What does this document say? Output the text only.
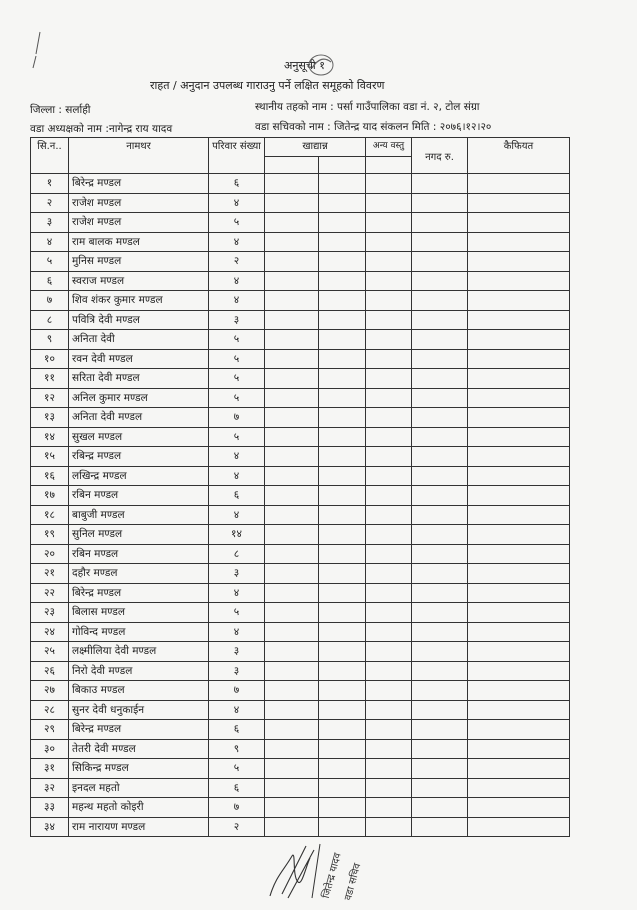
अनुसूची १
राहत / अनुदान उपलब्ध गाराउनु पर्ने लक्षित समूहको विवरण
जिल्ला : सर्लाही	स्थानीय तहको नाम : पर्सा गाउँपालिका वडा नं. २, टोल संग्रा
वडा अध्यक्षको नाम :नागेन्द्र राय यादव	वडा सचिवको नाम : जितेन्द्र याद संकलन मिति : २०७६।१२।२०
सि.न..	नामथर	परिवार संख्या	खाद्यान्न		अन्य वस्तु	नगद रु.	कैफियत

१	बिरेन्द्र मण्डल	६					
२	राजेश मण्डल	४					
३	राजेश मण्डल	५					
४	राम बालक मण्डल	४					
५	मुनिस मण्डल	२					
६	स्वराज मण्डल	४					
७	शिव शंकर कुमार मण्डल	४					
८	पवित्रि देवी मण्डल	३					
९	अनिता देवी	५					
१०	रवन देवी मण्डल	५					
११	सरिता देवी मण्डल	५					
१२	अनिल कुमार मण्डल	५					
१३	अनिता देवी मण्डल	७					
१४	सुखल मण्डल	५					
१५	रबिन्द्र मण्डल	४					
१६	लखिन्द्र मण्डल	४					
१७	रबिन मण्डल	६					
१८	बाबुजी मण्डल	४					
१९	सुनिल मण्डल	१४					
२०	रबिन मण्डल	८					
२१	दहौर मण्डल	३					
२२	बिरेन्द्र मण्डल	४					
२३	बिलास मण्डल	५					
२४	गोविन्द मण्डल	४					
२५	लक्ष्मीलिया देवी मण्डल	३					
२६	निरो देवी मण्डल	३					
२७	बिकाउ मण्डल	७					
२८	सुनर देवी धनुकाईन	४					
२९	बिरेन्द्र मण्डल	६					
३०	तेतरी देवी मण्डल	९					
३१	सिकिन्द्र मण्डल	५					
३२	इनदल महतो	६					
३३	महन्थ महतो कोइरी	७					
३४	राम नारायण मण्डल	२					
जितेन्द्र यादव वडा सचिव
